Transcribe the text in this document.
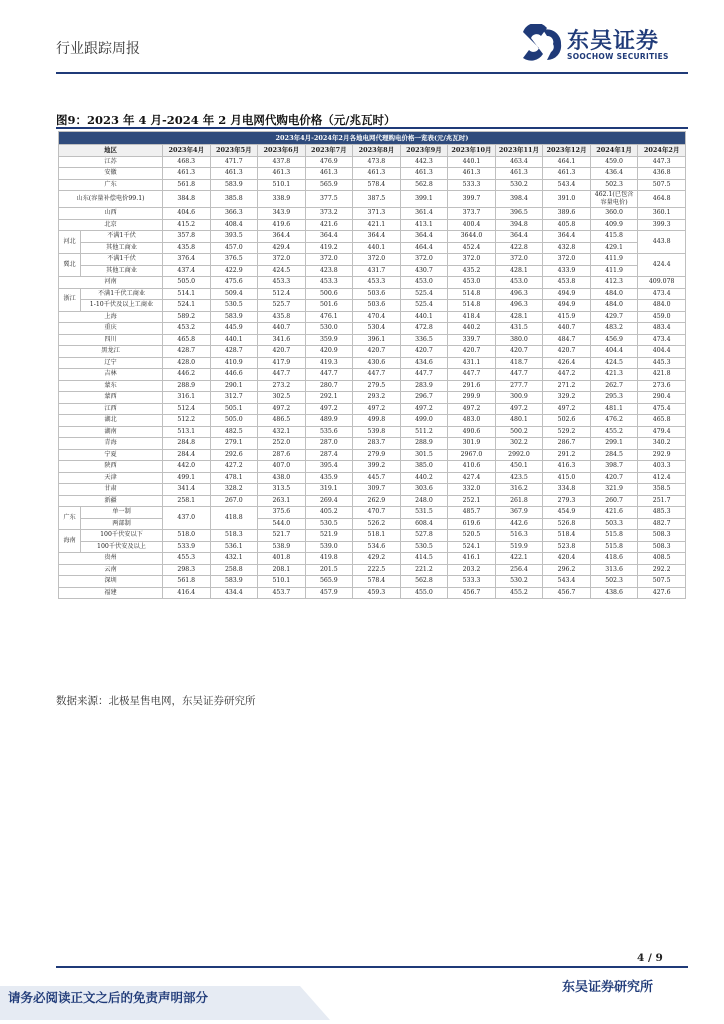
行业跟踪周报	东吴证券
SOOCHOW SECURITIES
图9：2023 年 4 月-2024 年 2 月电网代购电价格（元/兆瓦时）
2023年4月-2024年2月各地电网代理购电价格一览表(元/兆瓦时)												
地区		2023年4月	2023年5月	2023年6月	2023年7月	2023年8月	2023年9月	2023年10月	2023年11月	2023年12月	2024年1月	2024年2月
江苏		468.3	471.7	437.8	476.9	473.8	442.3	440.1	463.4	464.1	459.0	447.3
安徽		461.3	461.3	461.3	461.3	461.3	461.3	461.3	461.3	461.3	436.4	436.8
广东		561.8	583.9	510.1	565.9	578.4	562.8	533.3	530.2	543.4	502.3	507.5
山东(容量补偿电价99.1)		384.8	385.8	338.9	377.5	387.5	399.1	399.7	398.4	391.0	462.1(已包含容量电价)	464.8
山西		404.6	366.3	343.9	373.2	371.3	361.4	373.7	396.5	389.6	360.0	360.1
北京		415.2	408.4	419.6	421.6	421.1	413.1	400.4	394.8	405.8	409.9	399.3
河北	不满1千伏	357.8	393.5	364.4	364.4	364.4	364.4	3644.0	364.4	364.4	415.8	443.8
	其他工商业	435.8	457.0	429.4	419.2	440.1	464.4	452.4	422.8	432.8	429.1	
冀北	不满1千伏	376.4	376.5	372.0	372.0	372.0	372.0	372.0	372.0	372.0	411.9	424.4
	其他工商业	437.4	422.9	424.5	423.8	431.7	430.7	435.2	428.1	433.9	411.9	
河南		505.0	475.6	453.3	453.3	453.3	453.0	453.0	453.0	453.8	412.3	409.078
浙江	不满1千伏工商业	514.1	509.4	512.4	500.6	503.6	525.4	514.8	496.3	494.9	484.0	473.4
	1-10千伏及以上工商业	524.1	530.5	525.7	501.6	503.6	525.4	514.8	496.3	494.9	484.0	484.0
上海		589.2	583.9	435.8	476.1	470.4	440.1	418.4	428.1	415.9	429.7	459.0
重庆		453.2	445.9	440.7	530.0	530.4	472.8	440.2	431.5	440.7	483.2	483.4
四川		465.8	440.1	341.6	359.9	396.1	336.5	339.7	380.0	484.7	456.9	473.4
黑龙江		428.7	428.7	420.7	420.9	420.7	420.7	420.7	420.7	420.7	404.4	404.4
辽宁		428.0	410.9	417.9	419.3	430.6	434.6	431.1	418.7	426.4	424.5	445.3
吉林		446.2	446.6	447.7	447.7	447.7	447.7	447.7	447.7	447.2	421.3	421.8
蒙东		288.9	290.1	273.2	280.7	279.5	283.9	291.6	277.7	271.2	262.7	273.6
蒙西		316.1	312.7	302.5	292.1	293.2	296.7	299.9	300.9	329.2	295.3	290.4
江西		512.4	505.1	497.2	497.2	497.2	497.2	497.2	497.2	497.2	481.1	475.4
湖北		512.2	505.0	486.5	489.9	499.8	499.0	483.0	480.1	502.6	476.2	465.8
湖南		513.1	482.5	432.1	535.6	539.8	511.2	490.6	500.2	529.2	455.2	479.4
青海		284.8	279.1	252.0	287.0	283.7	288.9	301.9	302.2	286.7	299.1	340.2
宁夏		284.4	292.6	287.6	287.4	279.9	301.5	2967.0	2992.0	291.2	284.5	292.9
陕西		442.0	427.2	407.0	395.4	399.2	385.0	410.6	450.1	416.3	398.7	403.3
天津		499.1	478.1	438.0	435.9	445.7	440.2	427.4	423.5	415.0	420.7	412.4
甘肃		341.4	328.2	313.5	319.1	309.7	303.6	332.0	316.2	334.8	321.9	358.5
新疆		258.1	267.0	263.1	269.4	262.9	248.0	252.1	261.8	279.3	260.7	251.7
广东	单一制	437.0	418.8	375.6	405.2	470.7	531.5	485.7	367.9	454.9	421.6	485.3
	两部制			544.0	530.5	526.2	608.4	619.6	442.6	526.8	503.3	482.7
海南	100千伏安以下	518.0	518.3	521.7	521.9	518.1	527.8	520.5	516.3	518.4	515.8	508.3
	100千伏安及以上	533.9	536.1	538.9	539.0	534.6	530.5	524.1	519.9	523.8	515.8	508.3
贵州		455.3	432.1	401.8	419.8	429.2	414.5	416.1	422.1	420.4	418.6	408.5
云南		298.3	258.8	208.1	201.5	222.5	221.2	203.2	256.4	296.2	313.6	292.2
深圳		561.8	583.9	510.1	565.9	578.4	562.8	533.3	530.2	543.4	502.3	507.5
福建		416.4	434.4	453.7	457.9	459.3	455.0	456.7	455.2	456.7	438.6	427.6
数据来源：北极星售电网，东吴证券研究所
4 / 9
请务必阅读正文之后的免责声明部分
东吴证券研究所
